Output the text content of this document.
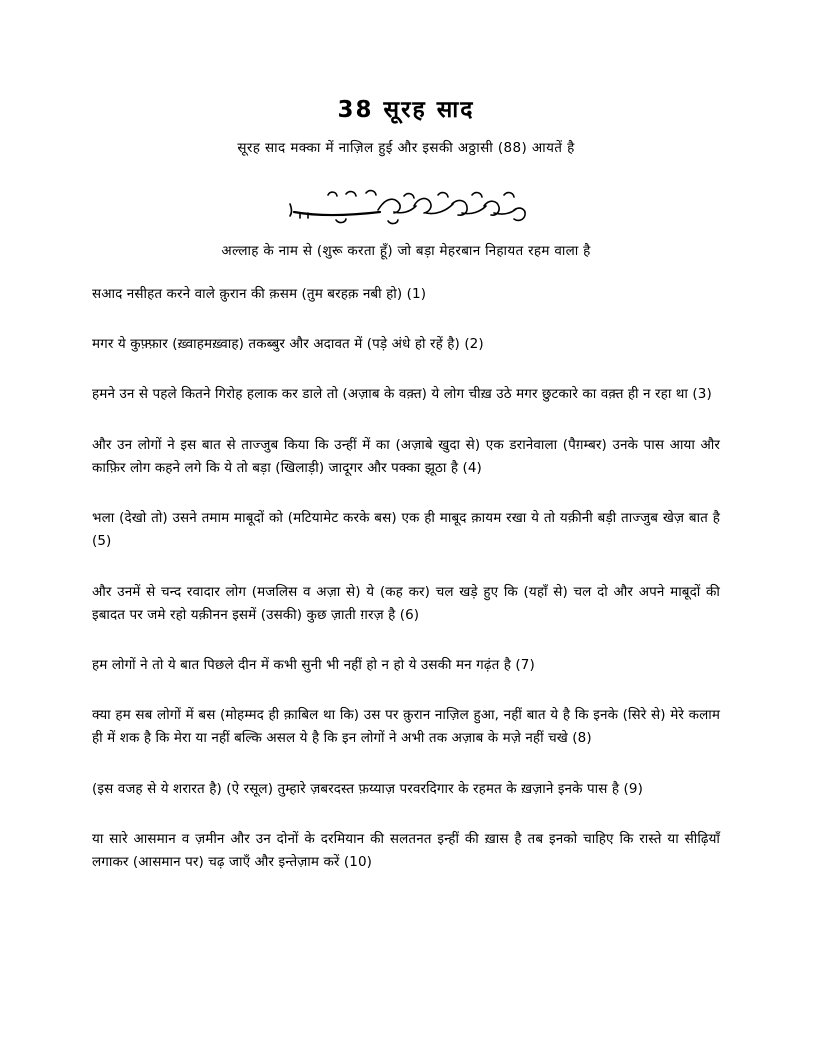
38 सूरह साद
सूरह साद मक्का में नाज़िल हुई और इसकी अठ्ठासी (88) आयतें है
अल्लाह के नाम से (शुरू करता हूँ) जो बड़ा मेहरबान निहायत रहम वाला है

सआद नसीहत करने वाले क़ुरान की क़सम (तुम बरहक़ नबी हो) (1)

मगर ये कुफ़्फ़ार (ख़्वाहमख़्वाह) तकब्बुर और अदावत में (पड़े अंधे हो रहें है) (2)

हमने उन से पहले कितने गिरोह हलाक कर डाले तो (अज़ाब के वक़्त) ये लोग चीख़ उठे मगर छुटकारे का वक़्त ही न रहा था (3)

और उन लोगों ने इस बात से ताज्जुब किया कि उन्हीं में का (अज़ाबे खुदा से) एक डरानेवाला (पैग़म्बर) उनके पास आया और काफ़िर लोग कहने लगे कि ये तो बड़ा (खिलाड़ी) जादूगर और पक्का झूठा है (4)

भला (देखो तो) उसने तमाम माबूदों को (मटियामेट करके बस) एक ही माबूद क़ायम रखा ये तो यक़ीनी बड़ी ताज्जुब खेज़ बात है (5)

और उनमें से चन्द रवादार लोग (मजलिस व अज़ा से) ये (कह कर) चल खड़े हुए कि (यहाँ से) चल दो और अपने माबूदों की इबादत पर जमे रहो यक़ीनन इसमें (उसकी) कुछ ज़ाती ग़रज़ है (6)

हम लोगों ने तो ये बात पिछले दीन में कभी सुनी भी नहीं हो न हो ये उसकी मन गढ़ंत है (7)

क्या हम सब लोगों में बस (मोहम्मद ही क़ाबिल था कि) उस पर क़ुरान नाज़िल हुआ, नहीं बात ये है कि इनके (सिरे से) मेरे कलाम ही में शक है कि मेरा या नहीं बल्कि असल ये है कि इन लोगों ने अभी तक अज़ाब के मज़े नहीं चखे (8)

(इस वजह से ये शरारत है) (ऐ रसूल) तुम्हारे ज़बरदस्त फ़य्याज़ परवरदिगार के रहमत के ख़ज़ाने इनके पास है (9)

या सारे आसमान व ज़मीन और उन दोनों के दरमियान की सलतनत इन्हीं की ख़ास है तब इनको चाहिए कि रास्ते या सीढ़ियाँ लगाकर (आसमान पर) चढ़ जाएँ और इन्तेज़ाम करें (10)
